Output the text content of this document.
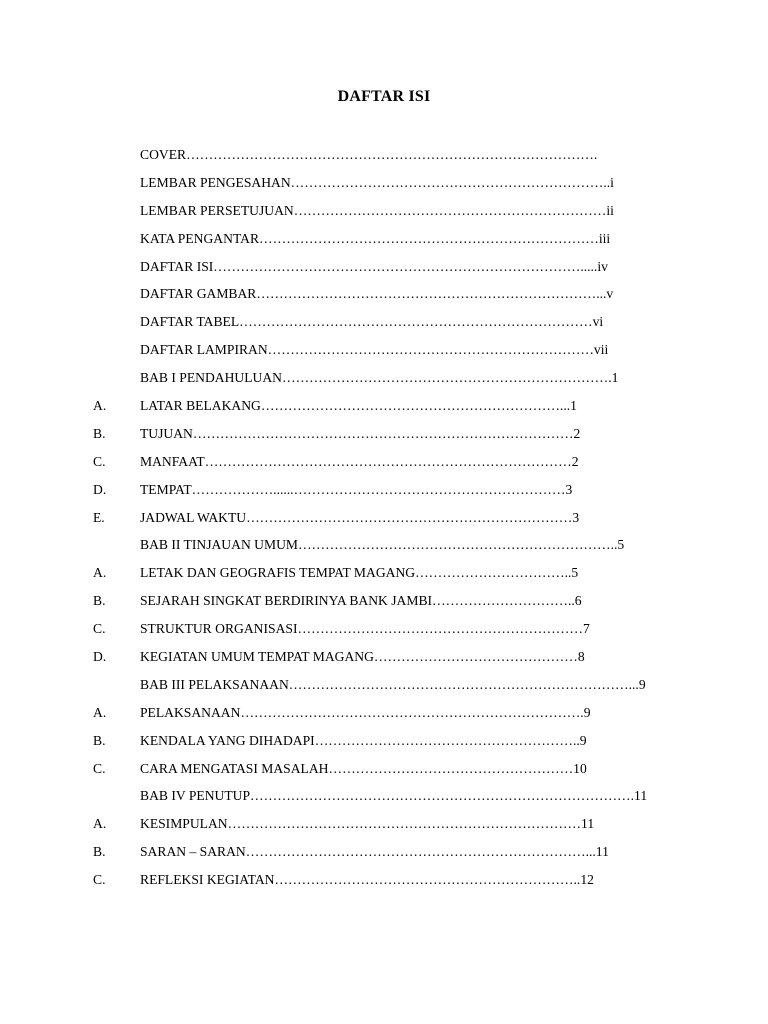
DAFTAR ISI
COVER……………………………………………………………………………….
LEMBAR PENGESAHAN……………………………………………………………..i
LEMBAR PERSETUJUAN……………………………………………………………ii
KATA PENGANTAR…………………………………………………………………iii
DAFTAR ISI……………………………………………………………………….....iv
DAFTAR GAMBAR…………………………………………………………………...v
DAFTAR TABEL……………………………………………………………………vi
DAFTAR LAMPIRAN………………………………………………………………vii
BAB I PENDAHULUAN……………………………………………………………….1
A. LATAR BELAKANG…………………………………………………………...1
B.	TUJUAN…………………………………………………………………………2
C.	MANFAAT………………………………………………………………………2
D. TEMPAT………………......……………………………………………………3
E.	JADWAL WAKTU………………………………………………………………3
BAB II TINJAUAN UMUM……………………………………………………………..5
A. LETAK DAN GEOGRAFIS TEMPAT MAGANG……………………………..5
B.	SEJARAH SINGKAT BERDIRINYA BANK JAMBI…………………………..6
C.	STRUKTUR ORGANISASI………………………………………………………7
D. KEGIATAN UMUM TEMPAT MAGANG………………………………………8
BAB III PELAKSANAAN…………………………………………………………………...9
A. PELAKSANAAN………………………………………………………………….9
B.	KENDALA YANG DIHADAPI…………………………………………………..9
C.	CARA MENGATASI MASALAH………………………………………………10
BAB IV PENUTUP………………………………………………………………………….11
A. KESIMPULAN……………………………………………………………………11
B.	SARAN – SARAN…………………………………………………………………...11
C.	REFLEKSI KEGIATAN…………………………………………………………..12
